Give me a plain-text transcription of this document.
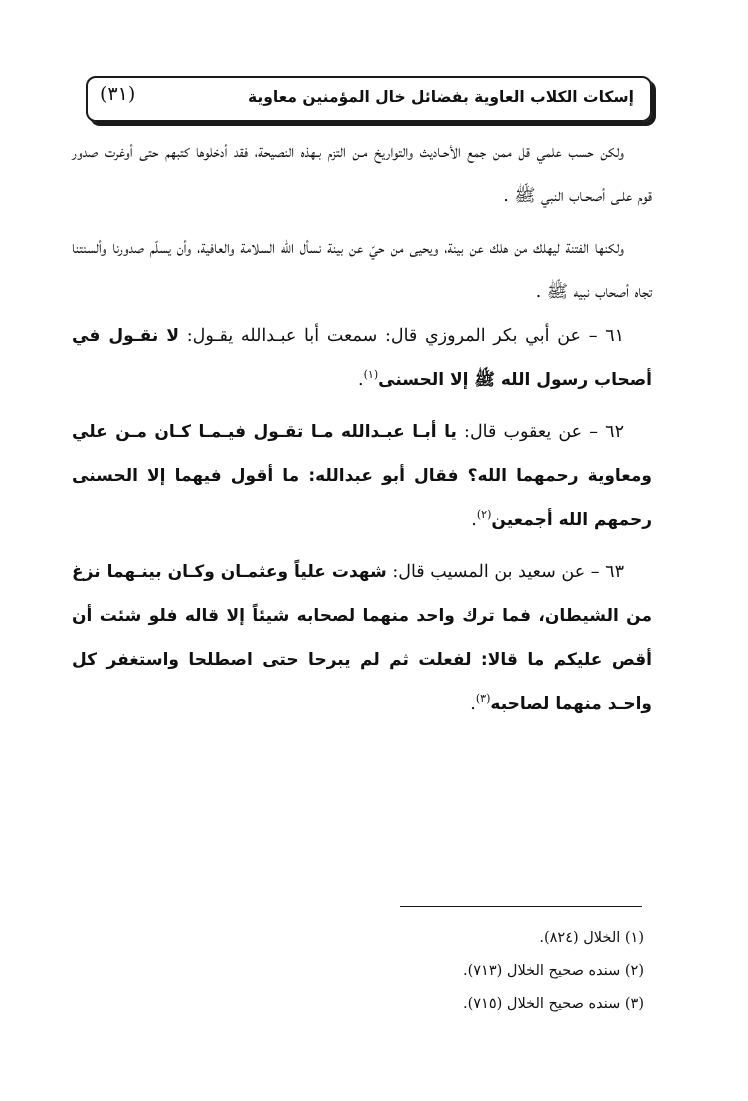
إسكات الكلاب العاوية بفضائل خال المؤمنين معاوية
(٣١)

ولكن حسب علمي قل ممن جمع الأحـاديث والتواريخ مـن التزم بـهذه النصيحة، فقد أدخلوها كتبهم حتى أوغرت صدور قوم علـى أصحـاب النبي ﷺ .

ولكنها الفتنة ليهلك من هلك عن بينة، ويحيى من حيّ عن بينة نسأل الله السلامة والعافية، وأن يسلّم صدورنا وألسنتنا تجاه أصحاب نبيه ﷺ .

٦١ – عن أبي بكر المروزي قال: سمعت أبا عبـدالله يقـول: لا نقـول في أصحاب رسول الله ﷺ إلا الحسنى$^{(١)}$.

٦٢ – عن يعقوب قال: يا أبـا عبـدالله مـا تقـول فيـمـا كـان مـن علي ومعاوية رحمهما الله؟ فقال أبو عبدالله: ما أقول فيهما إلا الحسنى رحمهم الله أجمعين$^{(٢)}$.

٦٣ – عن سعيد بن المسيب قال: شهدت علياً وعثمـان وكـان بينـهما نزغ من الشيطان، فما ترك واحد منهما لصحابه شيئاً إلا قاله فلو شئت أن أقص عليكم ما قالا: لفعلت ثم لم يبرحا حتى اصطلحا واستغفر كل واحـد منهما لصاحبه$^{(٣)}$.

(١) الخلال (٨٢٤).

(٢) سنده صحيح الخلال (٧١٣).

(٣) سنده صحيح الخلال (٧١٥).
